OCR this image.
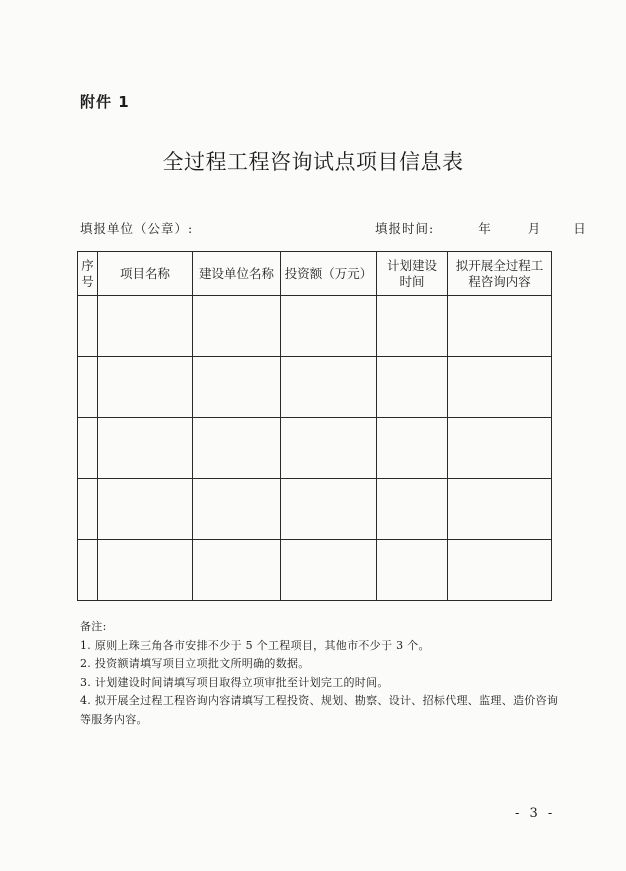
附件 1
全过程工程咨询试点项目信息表
填报单位（公章）:	填报时间:	年	月	日
序号	项目名称	建设单位名称	投资额（万元）	计划建设时间	拟开展全过程工程咨询内容

备注:

1. 原则上珠三角各市安排不少于 5 个工程项目，其他市不少于 3 个。

2. 投资额请填写项目立项批文所明确的数据。

3. 计划建设时间请填写项目取得立项审批至计划完工的时间。

4. 拟开展全过程工程咨询内容请填写工程投资、规划、勘察、设计、招标代理、监理、造价咨询等服务内容。

- 3 -
